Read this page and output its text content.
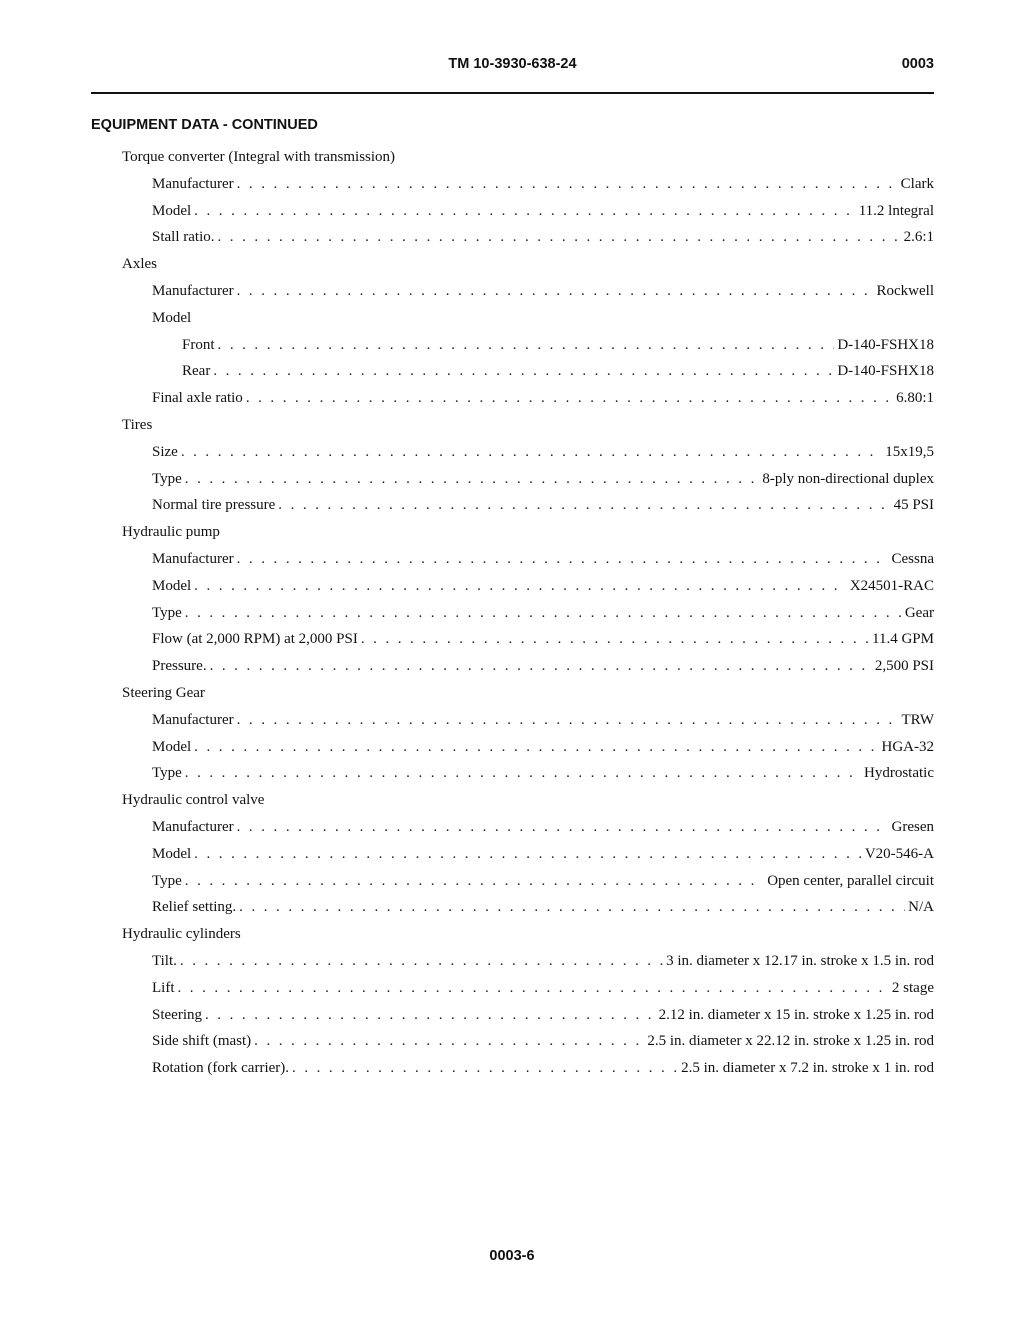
TM 10-3930-638-24	0003
EQUIPMENT DATA - CONTINUED
Torque converter (Integral with transmission)
Manufacturer . . .	Clark
Model . . .	11.2 lntegral
Stall ratio. . . .	2.6:1
Axles
Manufacturer . . .	Rockwell
Model
Front . . .	D-140-FSHX18
Rear . . .	D-140-FSHX18
Final axle ratio . . .	6.80:1
Tires
Size . . .	15x19,5
Type . . .	8-ply non-directional duplex
Normal tire pressure . . .	45 PSI
Hydraulic pump
Manufacturer . . .	Cessna
Model . . .	X24501-RAC
Type . . .	Gear
Flow (at 2,000 RPM) at 2,000 PSI . . .	11.4 GPM
Pressure. . . .	2,500 PSI
Steering Gear
Manufacturer . . .	TRW
Model . . .	HGA-32
Type . . .	Hydrostatic
Hydraulic control valve
Manufacturer . . .	Gresen
Model . . .	V20-546-A
Type . . .	Open center, parallel circuit
Relief setting. . . .	N/A
Hydraulic cylinders
Tilt. . . .	3 in. diameter x 12.17 in. stroke x 1.5 in. rod
Lift . . .	2 stage
Steering . . .	2.12 in. diameter x 15 in. stroke x 1.25 in. rod
Side shift (mast) . . .	2.5 in. diameter x 22.12 in. stroke x 1.25 in. rod
Rotation (fork carrier). . . .	2.5 in. diameter x 7.2 in. stroke x 1 in. rod
0003-6
